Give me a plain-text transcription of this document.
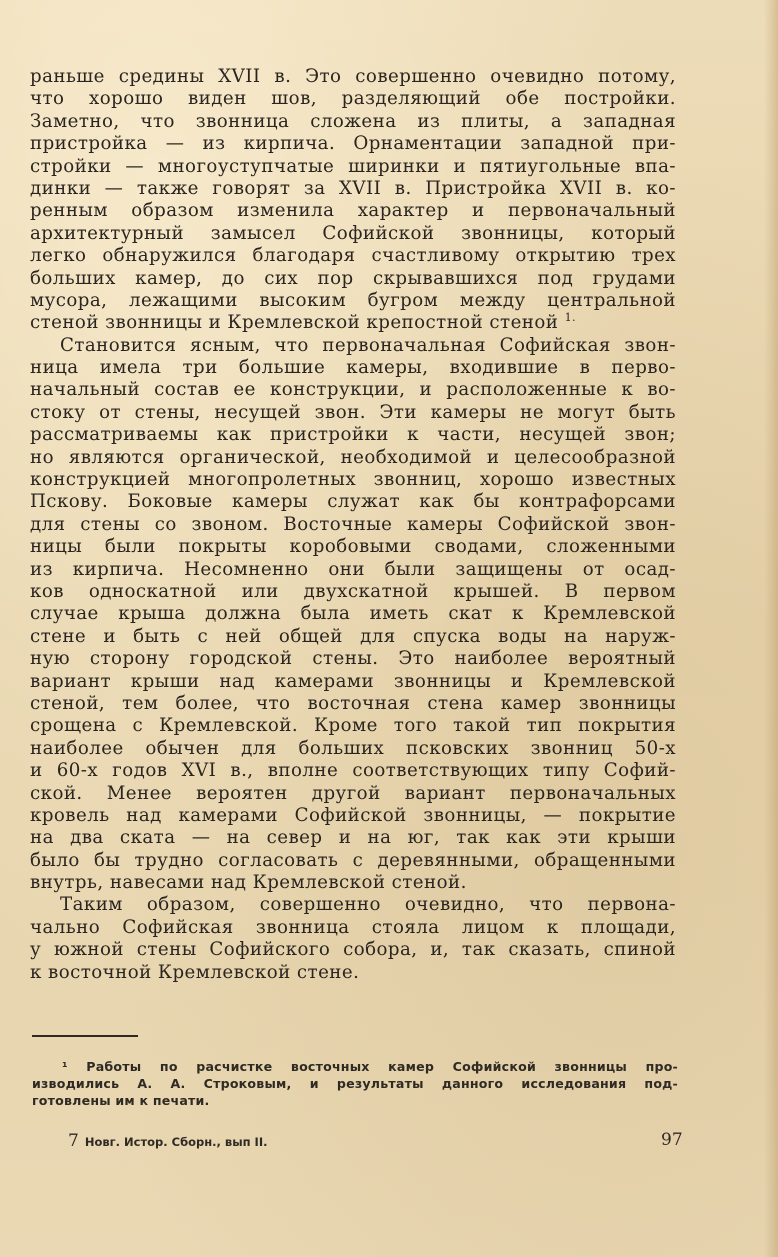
раньше средины XVII в. Это совершенно очевидно потому,
что хорошо виден шов, разделяющий обе постройки.
Заметно, что звонница сложена из плиты, а западная
пристройка — из кирпича. Орнаментации западной при-
стройки — многоуступчатые ширинки и пятиугольные впа-
динки — также говорят за XVII в. Пристройка XVII в. ко-
ренным образом изменила характер и первоначальный
архитектурный замысел Софийской звонницы, который
легко обнаружился благодаря счастливому открытию трех
больших камер, до сих пор скрывавшихся под грудами
мусора, лежащими высоким бугром между центральной
стеной звонницы и Кремлевской крепостной стеной $^{1.}$
Становится ясным, что первоначальная Софийская звон-
ница имела три большие камеры, входившие в перво-
начальный состав ее конструкции, и расположенные к во-
стоку от стены, несущей звон. Эти камеры не могут быть
рассматриваемы как пристройки к части, несущей звон;
но являются органической, необходимой и целесообразной
конструкцией многопролетных звонниц, хорошо известных
Пскову. Боковые камеры служат как бы контрафорсами
для стены со звоном. Восточные камеры Софийской звон-
ницы были покрыты коробовыми сводами, сложенными
из кирпича. Несомненно они были защищены от осад-
ков односкатной или двухскатной крышей. В первом
случае крыша должна была иметь скат к Кремлевской
стене и быть с ней общей для спуска воды на наруж-
ную сторону городской стены. Это наиболее вероятный
вариант крыши над камерами звонницы и Кремлевской
стеной, тем более, что восточная стена камер звонницы
срощена с Кремлевской. Кроме того такой тип покрытия
наиболее обычен для больших псковских звонниц 50-х
и 60-х годов XVI в., вполне соответствующих типу Софий-
ской. Менее вероятен другой вариант первоначальных
кровель над камерами Софийской звонницы, — покрытие
на два ската — на север и на юг, так как эти крыши
было бы трудно согласовать с деревянными, обращенными
внутрь, навесами над Кремлевской стеной.
Таким образом, совершенно очевидно, что первона-
чально Софийская звонница стояла лицом к площади,
у южной стены Софийского собора, и, так сказать, спиной
к восточной Кремлевской стене.
¹ Работы по расчистке восточных камер Софийской звонницы про-
изводились А. А. Строковым, и результаты данного исследования под-
готовлены им к печати.
7 Новг. Истор. Сборн., вып II.	97
